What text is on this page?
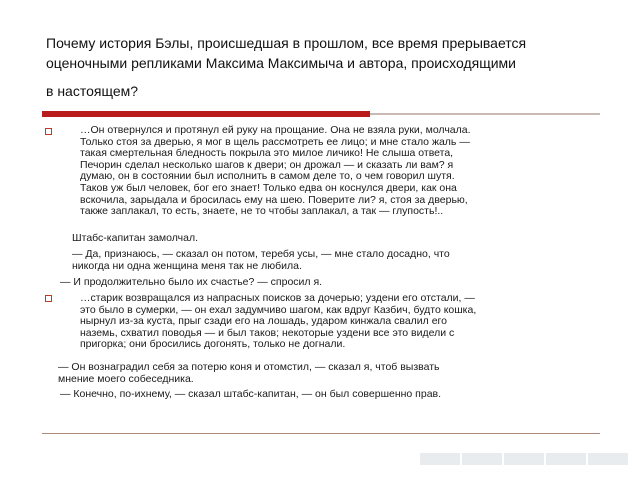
Почему история Бэлы, происшедшая в прошлом, все время прерывается
оценочными репликами Максима Максимыча и автора, происходящими
в настоящем?
…Он отвернулся и протянул ей руку на прощание. Она не взяла руки, молчала.
Только стоя за дверью, я мог в щель рассмотреть ее лицо; и мне стало жаль —
такая смертельная бледность покрыла это милое личико! Не слыша ответа,
Печорин сделал несколько шагов к двери; он дрожал — и сказать ли вам? я
думаю, он в состоянии был исполнить в самом деле то, о чем говорил шутя.
Таков уж был человек, бог его знает! Только едва он коснулся двери, как она
вскочила, зарыдала и бросилась ему на шею. Поверите ли? я, стоя за дверью,
также заплакал, то есть, знаете, не то чтобы заплакал, а так — глупость!..
Штабс-капитан замолчал.
— Да, признаюсь, — сказал он потом, теребя усы, — мне стало досадно, что
никогда ни одна женщина меня так не любила.
— И продолжительно было их счастье? — спросил я.
…старик возвращался из напрасных поисков за дочерью; уздени его отстали, —
это было в сумерки, — он ехал задумчиво шагом, как вдруг Казбич, будто кошка,
нырнул из-за куста, прыг сзади его на лошадь, ударом кинжала свалил его
наземь, схватил поводья — и был таков; некоторые уздени все это видели с
пригорка; они бросились догонять, только не догнали.
— Он вознаградил себя за потерю коня и отомстил, — сказал я, чтоб вызвать
мнение моего собеседника.
— Конечно, по-ихнему, — сказал штабс-капитан, — он был совершенно прав.
▬▬▬▬▬
